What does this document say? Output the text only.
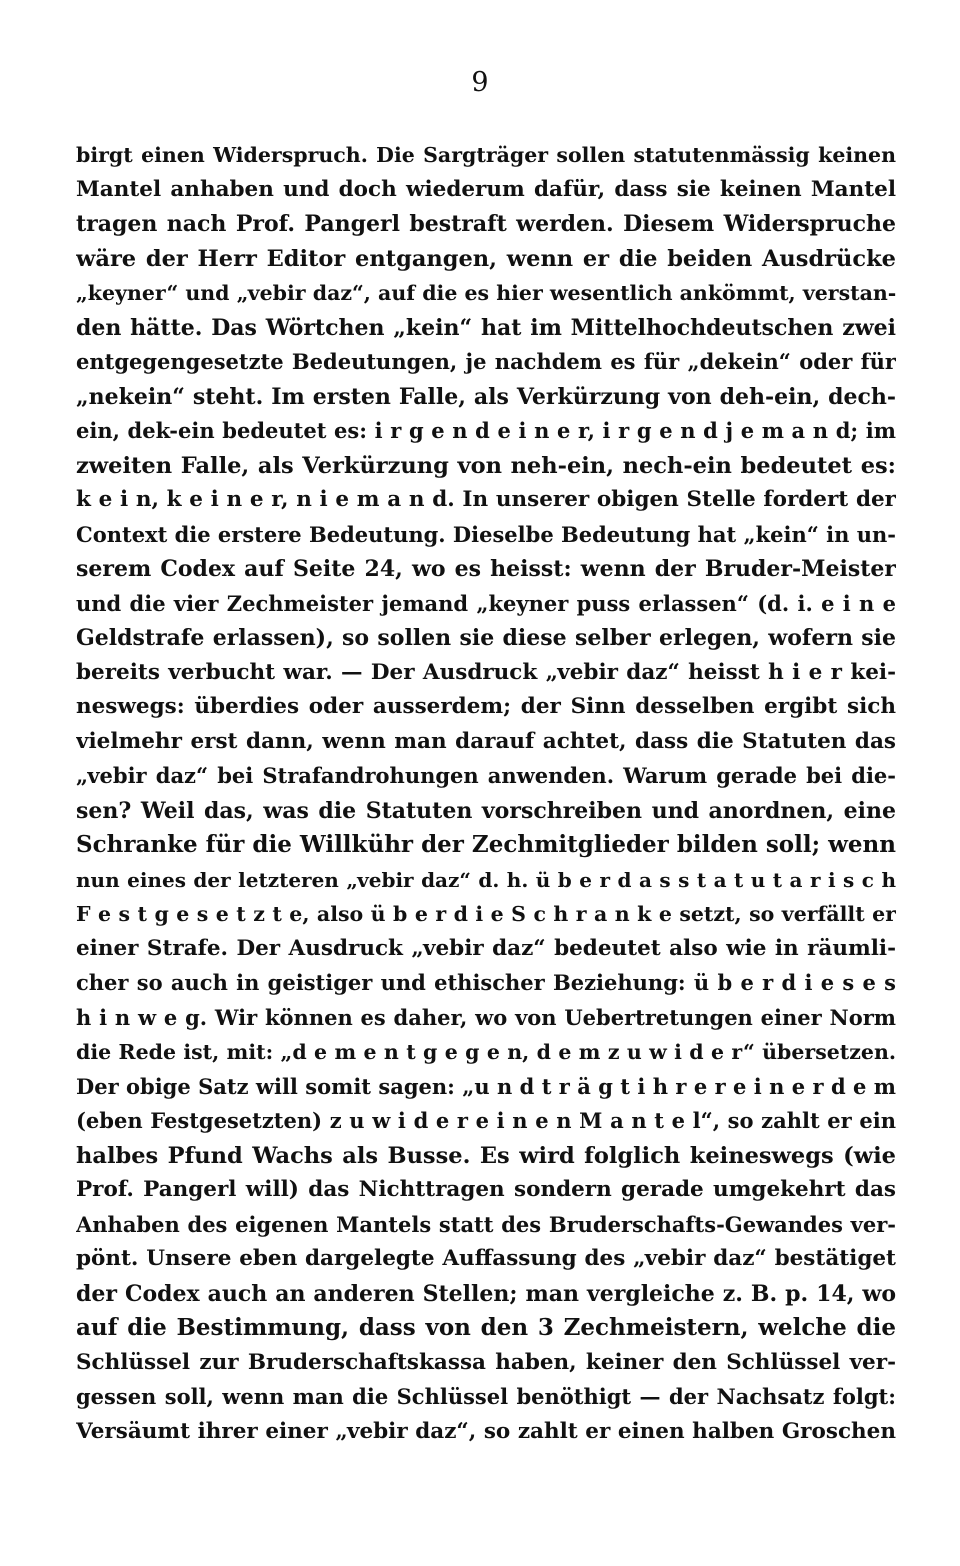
9
birgt einen Widerspruch. Die Sargträger sollen statutenmässig keinen
Mantel anhaben und doch wiederum dafür, dass sie keinen Mantel
tragen nach Prof. Pangerl bestraft werden. Diesem Widerspruche
wäre der Herr Editor entgangen, wenn er die beiden Ausdrücke
„keyner“ und „vebir daz“, auf die es hier wesentlich ankömmt, verstan-
den hätte. Das Wörtchen „kein“ hat im Mittelhochdeutschen zwei
entgegengesetzte Bedeutungen, je nachdem es für „dekein“ oder für
„nekein“ steht. Im ersten Falle, als Verkürzung von deh-ein, dech-
ein, dek-ein bedeutet es: i r g e n d e i n e r, i r g e n d j e m a n d; im
zweiten Falle, als Verkürzung von neh-ein, nech-ein bedeutet es:
k e i n, k e i n e r, n i e m a n d. In unserer obigen Stelle fordert der
Context die erstere Bedeutung. Dieselbe Bedeutung hat „kein“ in un-
serem Codex auf Seite 24, wo es heisst: wenn der Bruder-Meister
und die vier Zechmeister jemand „keyner puss erlassen“ (d. i. e i n e
Geldstrafe erlassen), so sollen sie diese selber erlegen, wofern sie
bereits verbucht war. — Der Ausdruck „vebir daz“ heisst h i e r kei-
neswegs: überdies oder ausserdem; der Sinn desselben ergibt sich
vielmehr erst dann, wenn man darauf achtet, dass die Statuten das
„vebir daz“ bei Strafandrohungen anwenden. Warum gerade bei die-
sen? Weil das, was die Statuten vorschreiben und anordnen, eine
Schranke für die Willkühr der Zechmitglieder bilden soll; wenn
nun eines der letzteren „vebir daz“ d. h. ü b e r d a s s t a t u t a r i s c h
F e s t g e s e t z t e, also ü b e r d i e S c h r a n k e setzt, so verfällt er
einer Strafe. Der Ausdruck „vebir daz“ bedeutet also wie in räumli-
cher so auch in geistiger und ethischer Beziehung: ü b e r d i e s e s
h i n w e g. Wir können es daher, wo von Uebertretungen einer Norm
die Rede ist, mit: „d e m e n t g e g e n, d e m z u w i d e r“ übersetzen.
Der obige Satz will somit sagen: „u n d t r ä g t i h r e r e i n e r d e m
(eben Festgesetzten) z u w i d e r e i n e n M a n t e l“, so zahlt er ein
halbes Pfund Wachs als Busse. Es wird folglich keineswegs (wie
Prof. Pangerl will) das Nichttragen sondern gerade umgekehrt das
Anhaben des eigenen Mantels statt des Bruderschafts-Gewandes ver-
pönt. Unsere eben dargelegte Auffassung des „vebir daz“ bestätiget
der Codex auch an anderen Stellen; man vergleiche z. B. p. 14, wo
auf die Bestimmung, dass von den 3 Zechmeistern, welche die
Schlüssel zur Bruderschaftskassa haben, keiner den Schlüssel ver-
gessen soll, wenn man die Schlüssel benöthigt — der Nachsatz folgt:
Versäumt ihrer einer „vebir daz“, so zahlt er einen halben Groschen
